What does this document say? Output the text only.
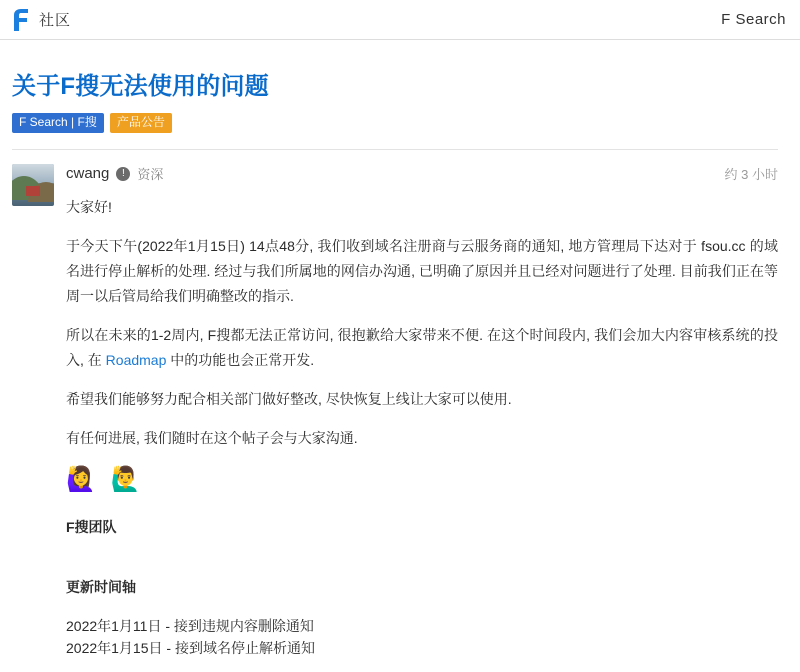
社区	F Search
关于F搜无法使用的问题
F Search | F搜	产品公告
cwang	! 资深	约 3 小时

大家好!

于今天下午(2022年1月15日) 14点48分, 我们收到域名注册商与云服务商的通知, 地方管理局下达对于 fsou.cc 的域名进行停止解析的处理. 经过与我们所属地的网信办沟通, 已明确了原因并且已经对问题进行了处理. 目前我们正在等周一以后管局给我们明确整改的指示.

所以在未来的1-2周内, F搜都无法正常访问, 很抱歉给大家带来不便. 在这个时间段内, 我们会加大内容审核系统的投入, 在 Roadmap 中的功能也会正常开发.

希望我们能够努力配合相关部门做好整改, 尽快恢复上线让大家可以使用.

有任何进展, 我们随时在这个帖子会与大家沟通.

🙋‍♀️ 🙋‍♂️
F搜团队
更新时间轴
2022年1月11日 - 接到违规内容删除通知
2022年1月15日 - 接到域名停止解析通知
